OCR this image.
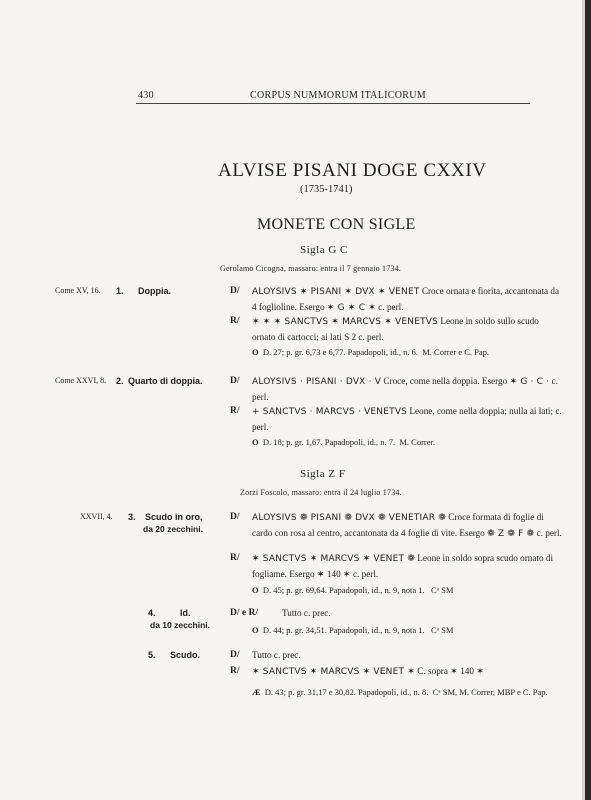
430	CORPUS NUMMORUM ITALICORUM
ALVISE PISANI DOGE CXXIV
(1735-1741)
MONETE CON SIGLE
Sigla G C
Gerolamo Cicogna, massaro: entra il 7 gennaio 1734.
Come XV, 16. 1. Doppia.	D/ ALOYSIVS ✶ PISANI ✶ DVX ✶ VENET Croce ornata e fiorita, accantonata da 4 foglioline. Esergo ✶ G ✶ C ✶ c. perl.
R/ ✶ ✶ ✶ SANCTVS ✶ MARCVS ✶ VENETVS Leone in soldo sullo scudo ornato di cartocci; ai lati S 2 c. perl.
O D. 27; p. gr. 6,73 e 6,77. Papadopoli, id., n. 6. M. Correr e C. Pap.
Come XXVI, 8. 2. Quarto di doppia.	D/ ALOYSIVS · PISANI · DVX · V Croce, come nella doppia. Esergo ✶ G · C · c. perl.
R/ + SANCTVS · MARCVS · VENETVS Leone, come nella doppia; nulla ai lati; c. perl.
O D. 18; p. gr. 1,67. Papadopoli, id., n. 7. M. Correr.
Sigla Z F
Zorzi Foscolo, massaro: entra il 24 luglio 1734.
XXVII, 4. 3. Scudo in oro,
da 20 zecchini.
D/ ALOYSIVS ❁ PISANI ❁ DVX ❁ VENETIAR ❁ Croce formata di foglie di cardo con rosa al centro, accantonata da 4 foglie di vite. Esergo ❁ Z ❁ F ❁ c. perl.
R/ ✶ SANCTVS ✶ MARCVS ✶ VENET ❁ Leone in soldo sopra scudo ornato di fogliame. Esergo ✶ 140 ✶ c. perl.
O D. 45; p. gr. 69,64. Papadopoli, id., n. 9, nota 1. Cᵃ SM
4.	Id.
da 10 zecchini.
D/ e R/	Tutto c. prec.
O D. 44; p. gr. 34,51. Papadopoli, id., n. 9, nota 1. Cᵃ SM
5. Scudo.	D/ Tutto c. prec.
R/ ✶ SANCTVS ✶ MARCVS ✶ VENET ✶ C. sopra ✶ 140 ✶
Æ D. 43; p. gr. 31,17 e 30,82. Papadopoli, id., n. 8. Cᵃ SM, M. Correr, MBP e C. Pap.
